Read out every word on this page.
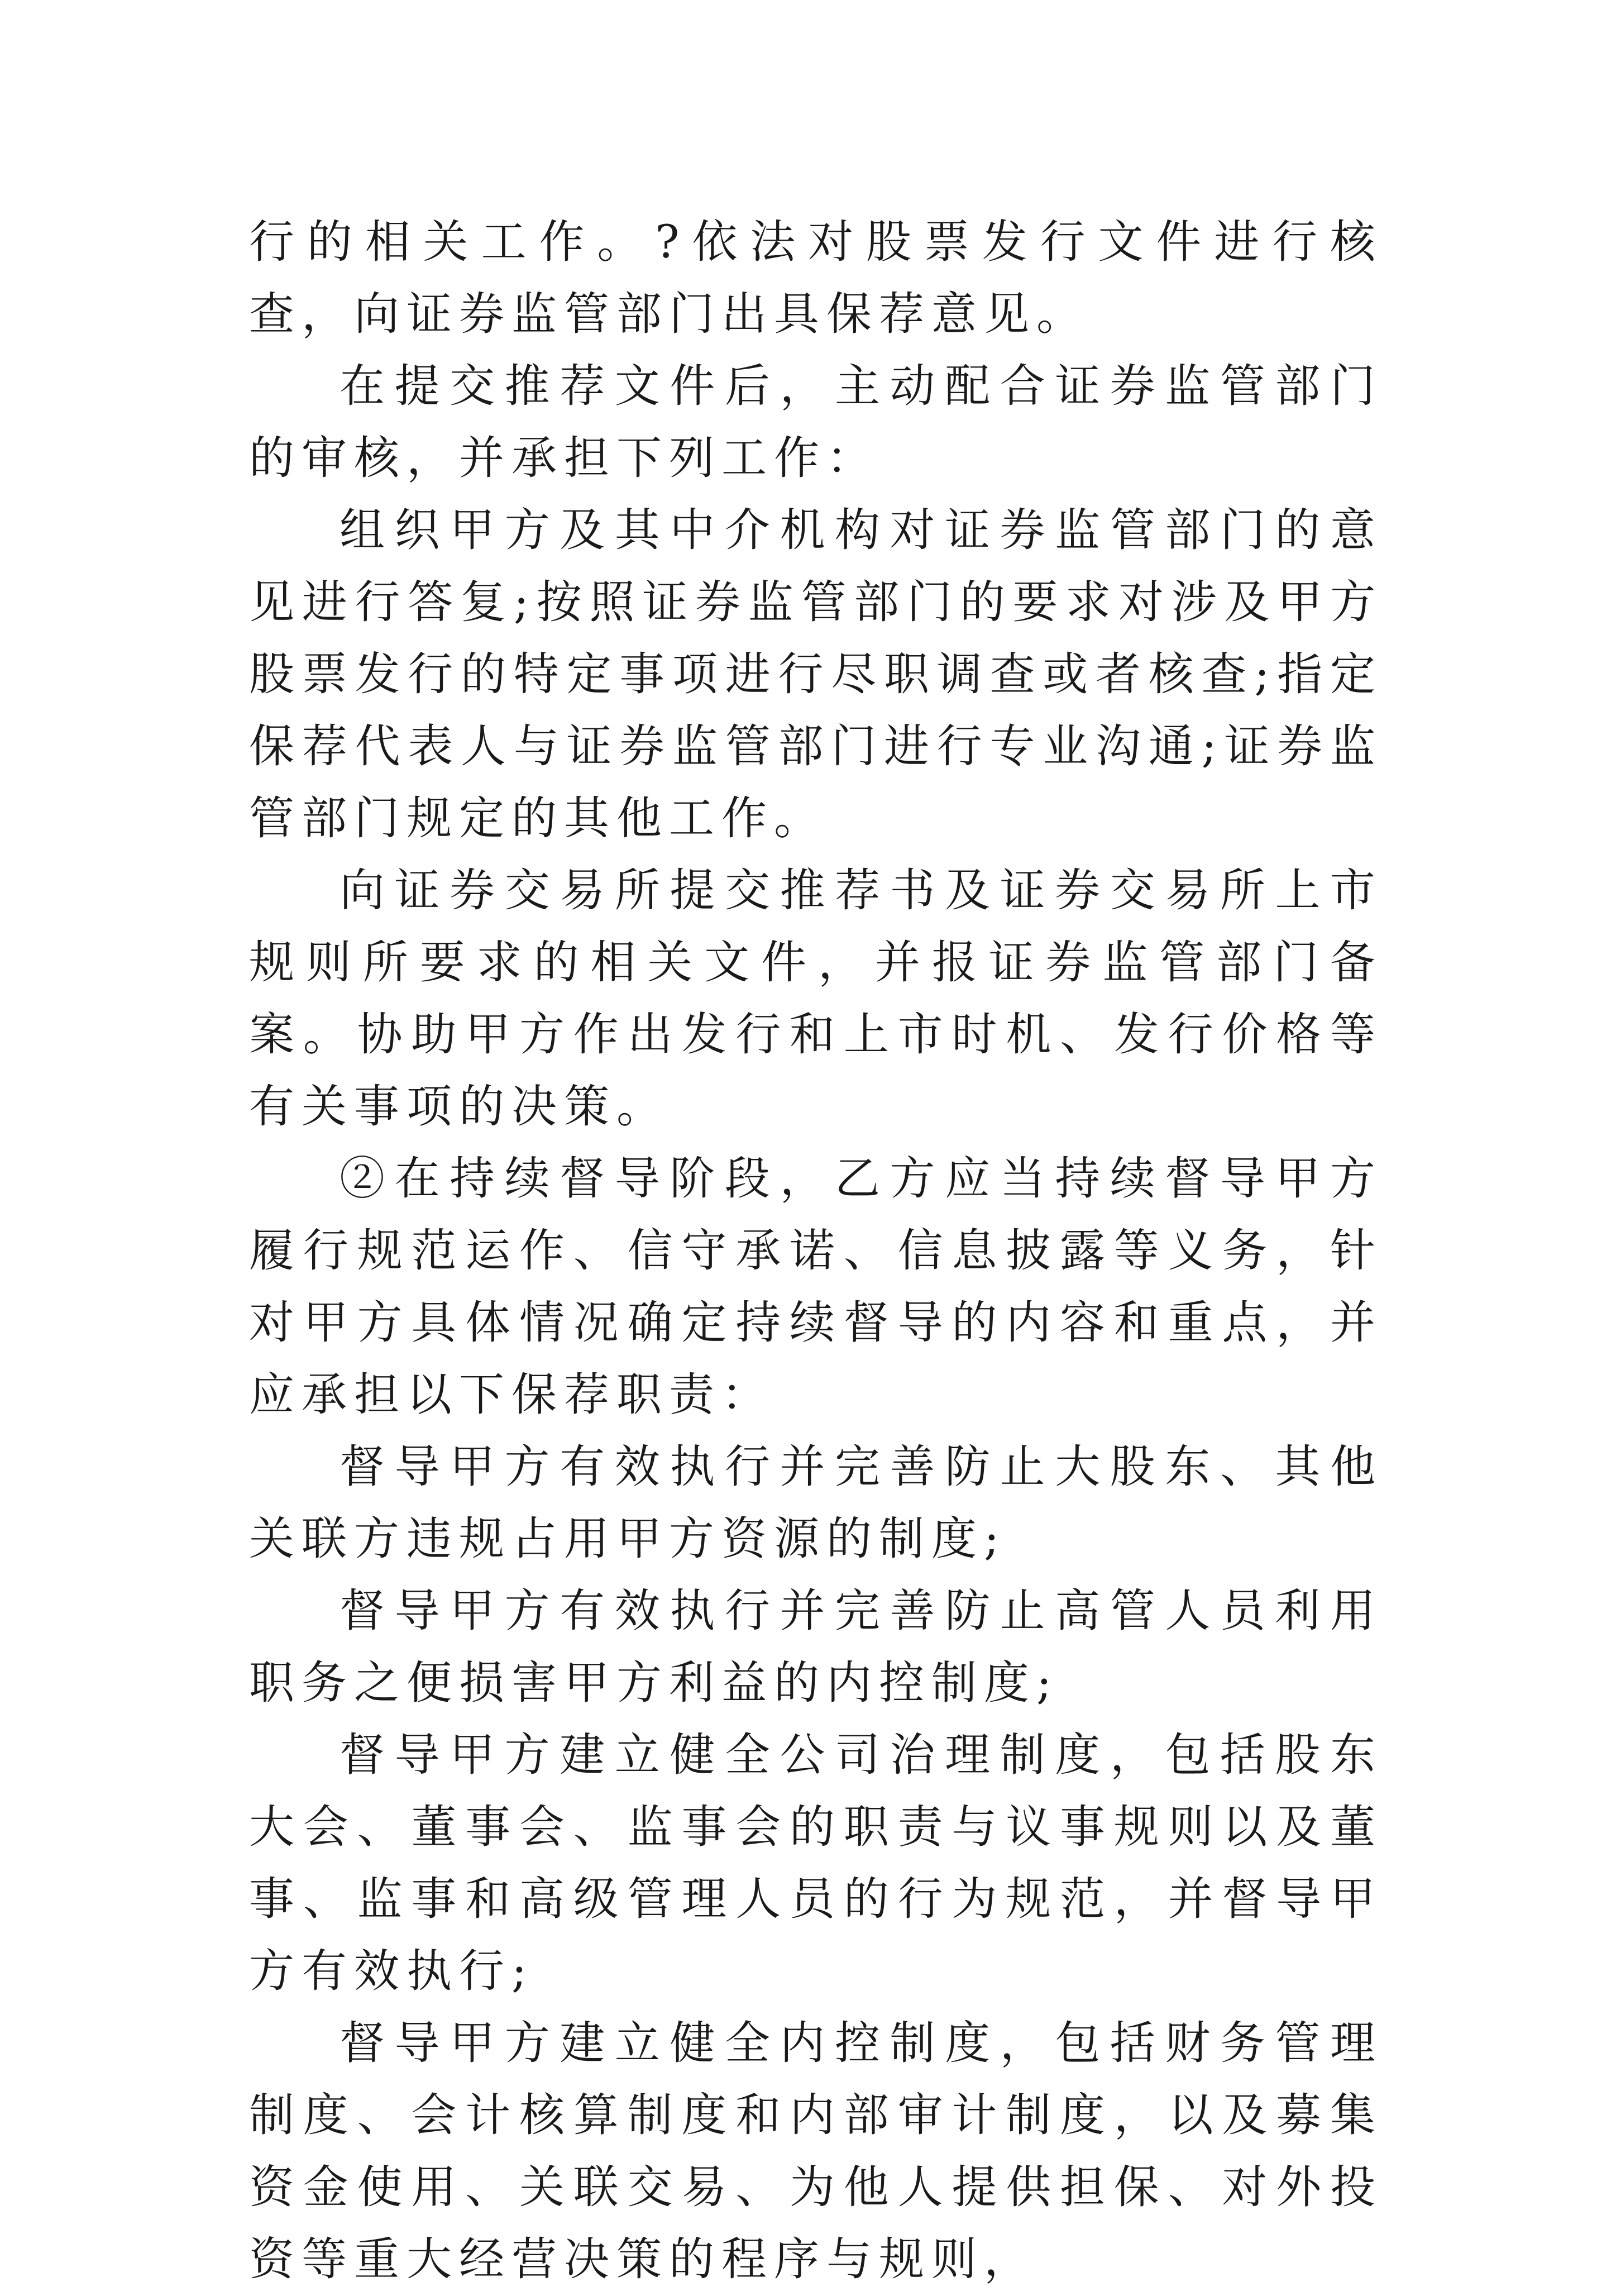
行的相关工作。?依法对股票发行文件进行核查，向证券监管部门出具保荐意见。

在提交推荐文件后，主动配合证券监管部门的审核，并承担下列工作：

组织甲方及其中介机构对证券监管部门的意见进行答复;按照证券监管部门的要求对涉及甲方股票发行的特定事项进行尽职调查或者核查;指定保荐代表人与证券监管部门进行专业沟通;证券监管部门规定的其他工作。

向证券交易所提交推荐书及证券交易所上市规则所要求的相关文件，并报证券监管部门备案。协助甲方作出发行和上市时机、发行价格等有关事项的决策。

②在持续督导阶段，乙方应当持续督导甲方履行规范运作、信守承诺、信息披露等义务，针对甲方具体情况确定持续督导的内容和重点，并应承担以下保荐职责：

督导甲方有效执行并完善防止大股东、其他关联方违规占用甲方资源的制度;

督导甲方有效执行并完善防止高管人员利用职务之便损害甲方利益的内控制度;

督导甲方建立健全公司治理制度，包括股东大会、董事会、监事会的职责与议事规则以及董事、监事和高级管理人员的行为规范，并督导甲方有效执行;

督导甲方建立健全内控制度，包括财务管理制度、会计核算制度和内部审计制度，以及募集资金使用、关联交易、为他人提供担保、对外投资等重大经营决策的程序与规则，
